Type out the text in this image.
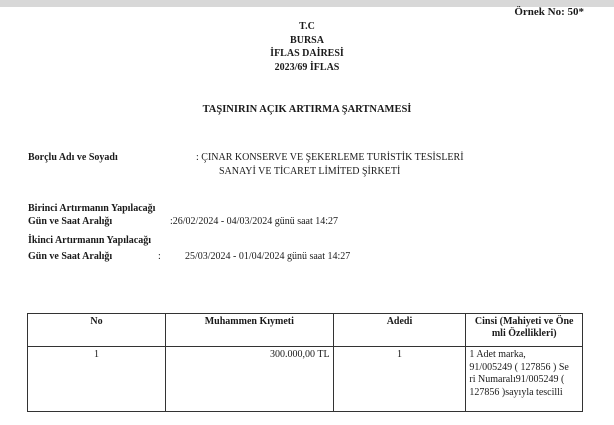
Örnek No: 50*
T.C
BURSA
İFLAS DAİRESİ
2023/69 İFLAS
TAŞINIRIN AÇIK ARTIRMA ŞARTNAMESİ
Borçlu Adı ve Soyadı	: ÇINAR KONSERVE VE ŞEKERLEME TURİSTİK TESİSLERİ
SANAYİ VE TİCARET LİMİTED ŞİRKETİ
Birinci Artırmanın Yapılacağı
Gün ve Saat Aralığı	:26/02/2024 - 04/03/2024 günü saat 14:27
İkinci Artırmanın Yapılacağı
Gün ve Saat Aralığı	: 25/03/2024 - 01/04/2024 günü saat 14:27
No	Muhammen Kıymeti	Adedi	Cinsi (Mahiyeti ve Öne
mli Özellikleri)

1	300.000,00 TL	1	1 Adet marka,
91/005249 ( 127856 ) Se
ri Numaralı91/005249 (
127856 )sayıyla tescilli
